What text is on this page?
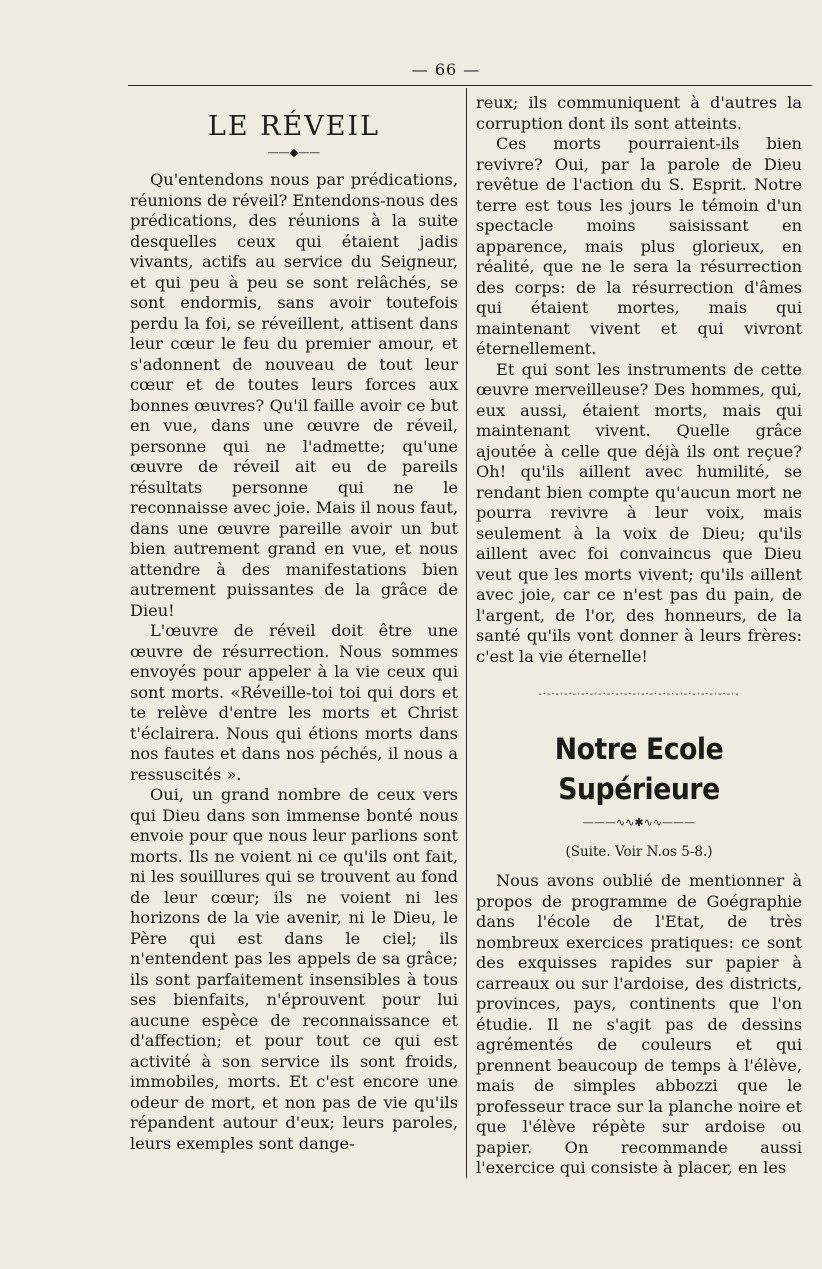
— 66 —
LE RÉVEIL
——◆——

Qu'entendons nous par prédications, réunions de réveil? Entendons-nous des prédications, des réunions à la suite desquelles ceux qui étaient jadis vivants, actifs au service du Seigneur, et qui peu à peu se sont relâchés, se sont endormis, sans avoir toutefois perdu la foi, se réveillent, attisent dans leur cœur le feu du premier amour, et s'adonnent de nouveau de tout leur cœur et de toutes leurs forces aux bonnes œuvres? Qu'il faille avoir ce but en vue, dans une œuvre de réveil, personne qui ne l'admette; qu'une œuvre de réveil ait eu de pareils résultats personne qui ne le reconnaisse avec joie. Mais il nous faut, dans une œuvre pareille avoir un but bien autrement grand en vue, et nous attendre à des manifestations bien autrement puissantes de la grâce de Dieu!

L'œuvre de réveil doit être une œuvre de résurrection. Nous sommes envoyés pour appeler à la vie ceux qui sont morts. «Réveille-toi toi qui dors et te relève d'entre les morts et Christ t'éclairera. Nous qui étions morts dans nos fautes et dans nos péchés, il nous a ressuscités ».

Oui, un grand nombre de ceux vers qui Dieu dans son immense bonté nous envoie pour que nous leur parlions sont morts. Ils ne voient ni ce qu'ils ont fait, ni les souillures qui se trouvent au fond de leur cœur; ils ne voient ni les horizons de la vie avenir, ni le Dieu, le Père qui est dans le ciel; ils n'entendent pas les appels de sa grâce; ils sont parfaitement insensibles à tous ses bienfaits, n'éprouvent pour lui aucune espèce de reconnaissance et d'affection; et pour tout ce qui est activité à son service ils sont froids, immobiles, morts. Et c'est encore une odeur de mort, et non pas de vie qu'ils répandent autour d'eux; leurs paroles, leurs exemples sont dange-

reux; ils communiquent à d'autres la corruption dont ils sont atteints.

Ces morts pourraient-ils bien revivre? Oui, par la parole de Dieu revêtue de l'action du S. Esprit. Notre terre est tous les jours le témoin d'un spectacle moins saisissant en apparence, mais plus glorieux, en réalité, que ne le sera la résurrection des corps: de la résurrection d'âmes qui étaient mortes, mais qui maintenant vivent et qui vivront éternellement.

Et qui sont les instruments de cette œuvre merveilleuse? Des hommes, qui, eux aussi, étaient morts, mais qui maintenant vivent. Quelle grâce ajoutée à celle que déjà ils ont reçue? Oh! qu'ils aillent avec humilité, se rendant bien compte qu'aucun mort ne pourra revivre à leur voix, mais seulement à la voix de Dieu; qu'ils aillent avec foi convaincus que Dieu veut que les morts vivent; qu'ils aillent avec joie, car ce n'est pas du pain, de l'argent, de l'or, des honneurs, de la santé qu'ils vont donner à leurs frères: c'est la vie éternelle!

-·-·-·-·-·-·-·-·-·-·-·-·-·-·-·-·-·-·-·-·-·-·-·-
Notre Ecole Supérieure
———∿∿✱∿∿———
(Suite. Voir N.os 5-8.)

Nous avons oublié de mentionner à propos de programme de Goégraphie dans l'école de l'Etat, de très nombreux exercices pratiques: ce sont des exquisses rapides sur papier à carreaux ou sur l'ardoise, des districts, provinces, pays, continents que l'on étudie. Il ne s'agit pas de dessins agrémentés de couleurs et qui prennent beaucoup de temps à l'élève, mais de simples abbozzi que le professeur trace sur la planche noire et que l'élève répète sur ardoise ou papier. On recommande aussi l'exercice qui consiste à placer, en les
